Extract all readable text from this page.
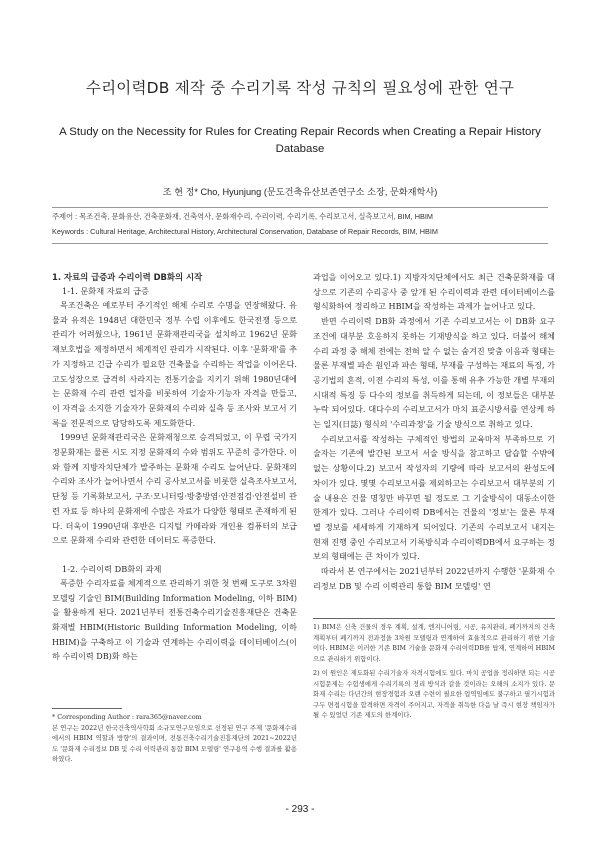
수리이력DB 제작 중 수리기록 작성 규칙의 필요성에 관한 연구
A Study on the Necessity for Rules for Creating Repair Records when Creating a Repair History Database
조 현 정* Cho, Hyunjung (문도건축유산보존연구소 소장, 문화재학사)
주제어 : 목조건축, 문화유산, 건축문화재, 건축역사, 문화재수리, 수리이력, 수리기록, 수리보고서, 실측보고서, BIM, HBIM
Keywords : Cultural Heritage, Architectural History, Architectural Conservation, Database of Repair Records, BIM, HBIM
1. 자료의 급증과 수리이력 DB화의 시작
1-1. 문화재 자료의 급증

목조건축은 예로부터 주기적인 해체 수리로 수명을 연장해왔다. 유물과 유적은 1948년 대한민국 정부 수립 이후에도 한국전쟁 등으로 관리가 어려웠으나, 1961년 문화재관리국을 설치하고 1962년 문화재보호법을 제정하면서 체계적인 관리가 시작된다. 이후 '문화재'를 추가 지정하고 긴급 수리가 필요한 건축물을 수리하는 작업을 이어온다. 고도성장으로 급격히 사라지는 전통기술을 지키기 위해 1980년대에는 문화재 수리 관련 업자를 비롯하여 기술자·기능자 자격을 만들고, 이 자격을 소지한 기술자가 문화재의 수리와 실측 등 조사와 보고서 기록을 전문적으로 담당하도록 제도화한다.

1999년 문화재관리국은 문화재청으로 승격되었고, 이 무렵 국가지정문화재는 물론 시도 지정 문화재의 수와 범위도 꾸준히 증가한다. 이와 함께 지방자치단체가 발주하는 문화재 수리도 늘어난다. 문화재의 수리와 조사가 늘어나면서 수리 공사보고서를 비롯한 실측조사보고서, 단청 등 기록화보고서, 구조·모니터링·방충방염·안전점검·안전설비 관련 자료 등 하나의 문화재에 수많은 자료가 다양한 형태로 존재하게 된다. 더욱이 1990년대 후반은 디지털 카메라와 개인용 컴퓨터의 보급으로 문화재 수리와 관련한 데이터도 폭증한다.

1-2. 수리이력 DB화의 과제

폭증한 수리자료를 체계적으로 관리하기 위한 첫 번째 도구로 3차원 모델링 기술인 BIM(Building Information Modeling, 이하 BIM)을 활용하게 된다. 2021년부터 전통건축수리기술진흥재단은 건축문화재별 HBIM(Historic Building Information Modeling, 이하 HBIM)을 구축하고 이 기술과 연계하는 수리이력을 데이터베이스(이하 수리이력 DB)화 하는

* Corresponding Author : rara365@naver.com
본 연구는 2022년 한국건축역사학회 소규모연구모임으로 선정된 연구 주제 '문화재수리에서의 HBIM 역할과 방향'의 결과이며, 전통건축수리기술진흥재단의 2021~2022년도 '문화재 수리정보 DB 및 수리 이력관리 통합 BIM 모델링' 연구용역 수행 결과를 활용하였다.

과업을 이어오고 있다.1) 지방자치단체에서도 최근 건축문화재를 대상으로 기존의 수리공사 중 앞개 된 수리이력과 관련 데이터베이스를 형식화하여 정리하고 HBIM을 작성하는 과제가 늘어나고 있다.

반면 수리이력 DB화 과정에서 기존 수리보고서는 이 DB화 요구 조건에 대부분 호응하지 못하는 기재방식을 하고 있다. 더불어 해체 수리 과정 중 해체 전에는 전혀 알 수 없는 숨겨진 맞춤 이음과 형태는 물론 부재별 파손 원인과 파손 형태, 부재를 구성하는 재료의 특징, 가공기법의 흔적, 이전 수리의 특성, 이를 통해 유추 가능한 개별 부재의 시대적 특징 등 다수의 정보를 취득하게 되는데, 이 정보들은 대부분 누락 되어있다. 대다수의 수리보고서가 마치 표준시방서를 연상케 하는 일지(日誌) 형식의 '수리과정'을 기술 방식으로 취하고 있다.

수리보고서를 작성하는 구체적인 방법의 교육마저 부족하므로 기술자는 기존에 발간된 보고서 서술 방식을 참고하고 답습할 수밖에 없는 상황이다.2) 보고서 작성자의 기량에 따라 보고서의 완성도에 차이가 있다. 몇몇 수리보고서를 제외하고는 수리보고서 대부분의 기술 내용은 건물 명칭만 바꾸면 될 정도로 그 기술방식이 대동소이한 한계가 있다. 그러나 수리이력 DB에서는 건물의 '정보'는 물론 부재별 정보를 세세하게 기재하게 되어있다. 기존의 수리보고서 내지는 현재 진행 중인 수리보고서 기록방식과 수리이력DB에서 요구하는 정보의 형태에는 큰 차이가 있다.

따라서 본 연구에서는 2021년부터 2022년까지 수행한 '문화재 수리정보 DB 및 수리 이력관리 통합 BIM 모델링' 연

1) BIM은 신축 건물의 경우 계획, 설계, 엔지니어링, 시공, 유지관리, 폐기까지의 건축 계획부터 폐기까지 전과정을 3차원 모델링과 연계하여 효율적으로 관리하기 위한 기술이다. HBIM은 이러한 기존 BIM 기술을 문화재 수리이력DB를 탑재, 연계하여 HBIM으로 관리하기 위함이다.
2) 이 원인은 제도화된 수리기술자 자격시험에도 있다. 마치 공업을 정리하면 되는 시공 시험문제는 수험생에게 수리기록의 정리 방식과 같을 것이라는 오해의 소지가 있다. 문화재 수리는 다년간의 현장경험과 오랜 수련이 필요한 업역임에도 불구하고 필기시험과 구두 면접시험을 합격하면 자격이 주어지고, 자격을 취득한 다음 날 즉시 현장 책임자가 될 수 있었던 기존 제도의 한계이다.
- 293 -
